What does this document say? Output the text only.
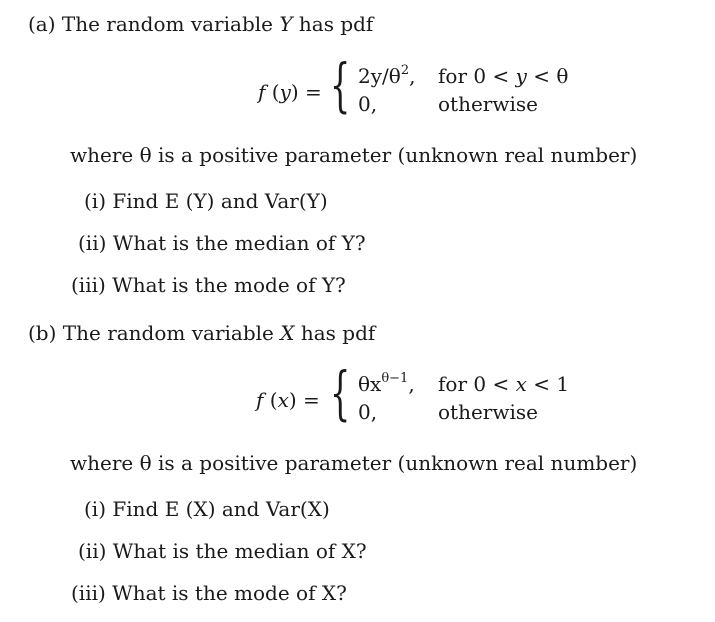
(a) The random variable Y has pdf
f (y) = { $2y/\theta^2$, for 0 < y < θ
0,	otherwise
where θ is a positive parameter (unknown real number)
(i) Find E (Y) and Var(Y)
(ii) What is the median of Y?
(iii) What is the mode of Y?
(b) The random variable X has pdf
f (x) = { $\theta x^{\theta-1}$, for 0 < x < 1
0,	otherwise
where θ is a positive parameter (unknown real number)
(i) Find E (X) and Var(X)
(ii) What is the median of X?
(iii) What is the mode of X?
